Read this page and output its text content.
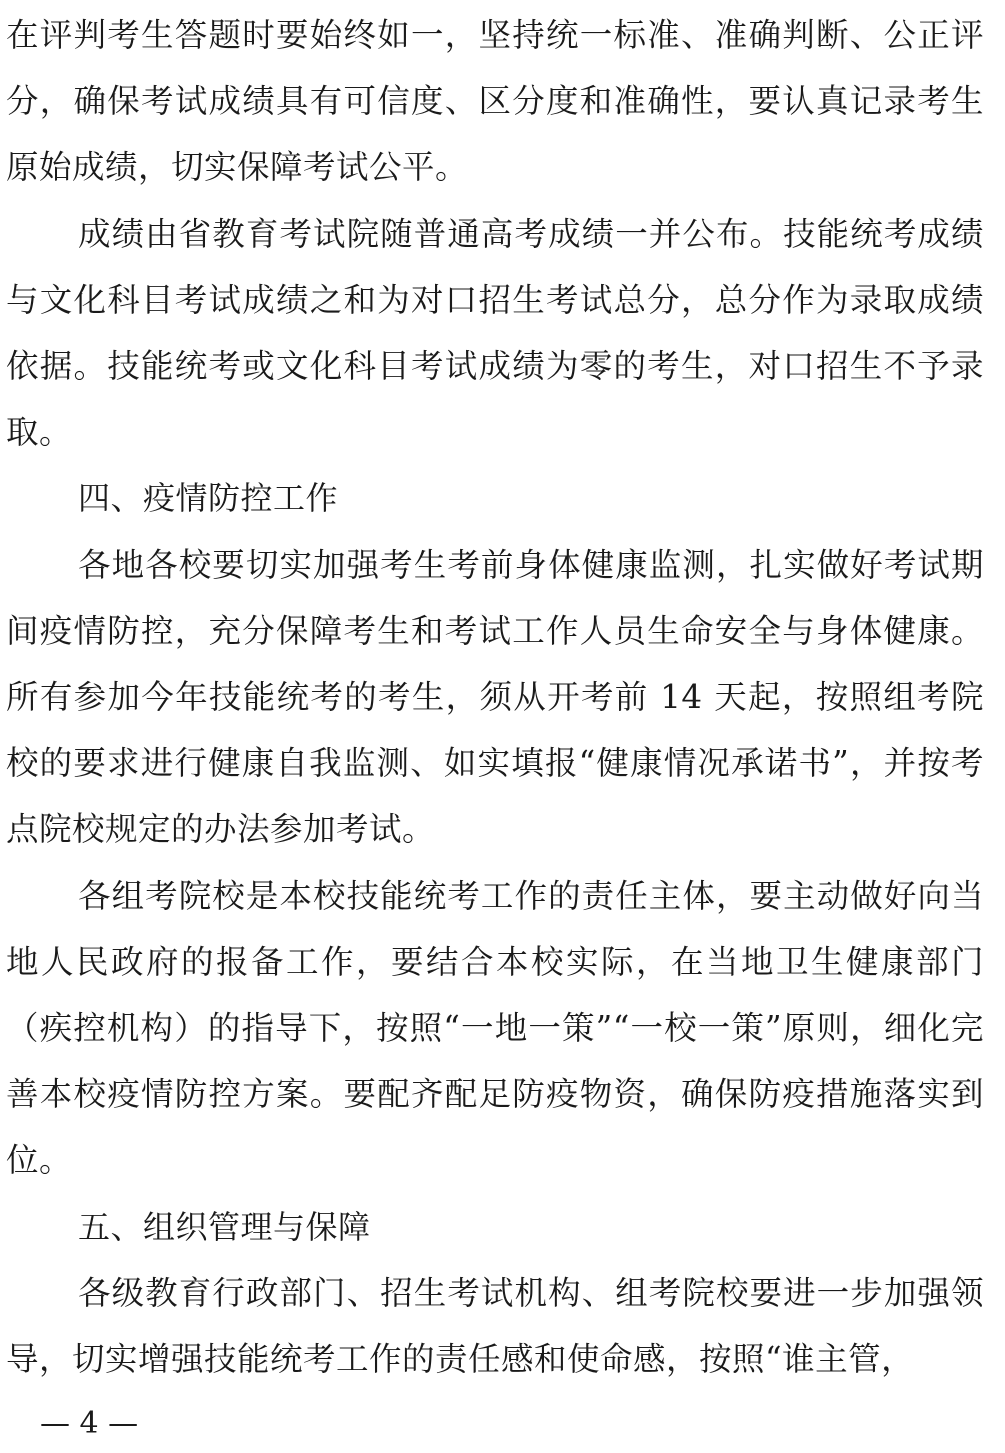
在评判考生答题时要始终如一，坚持统一标准、准确判断、公正评分，确保考试成绩具有可信度、区分度和准确性，要认真记录考生原始成绩，切实保障考试公平。

成绩由省教育考试院随普通高考成绩一并公布。技能统考成绩与文化科目考试成绩之和为对口招生考试总分，总分作为录取成绩依据。技能统考或文化科目考试成绩为零的考生，对口招生不予录取。

四、疫情防控工作

各地各校要切实加强考生考前身体健康监测，扎实做好考试期间疫情防控，充分保障考生和考试工作人员生命安全与身体健康。所有参加今年技能统考的考生，须从开考前 14 天起，按照组考院校的要求进行健康自我监测、如实填报“健康情况承诺书”，并按考点院校规定的办法参加考试。

各组考院校是本校技能统考工作的责任主体，要主动做好向当地人民政府的报备工作，要结合本校实际，在当地卫生健康部门（疾控机构）的指导下，按照“一地一策”“一校一策”原则，细化完善本校疫情防控方案。要配齐配足防疫物资，确保防疫措施落实到位。

五、组织管理与保障

各级教育行政部门、招生考试机构、组考院校要进一步加强领导，切实增强技能统考工作的责任感和使命感，按照“谁主管，

— 4 —
